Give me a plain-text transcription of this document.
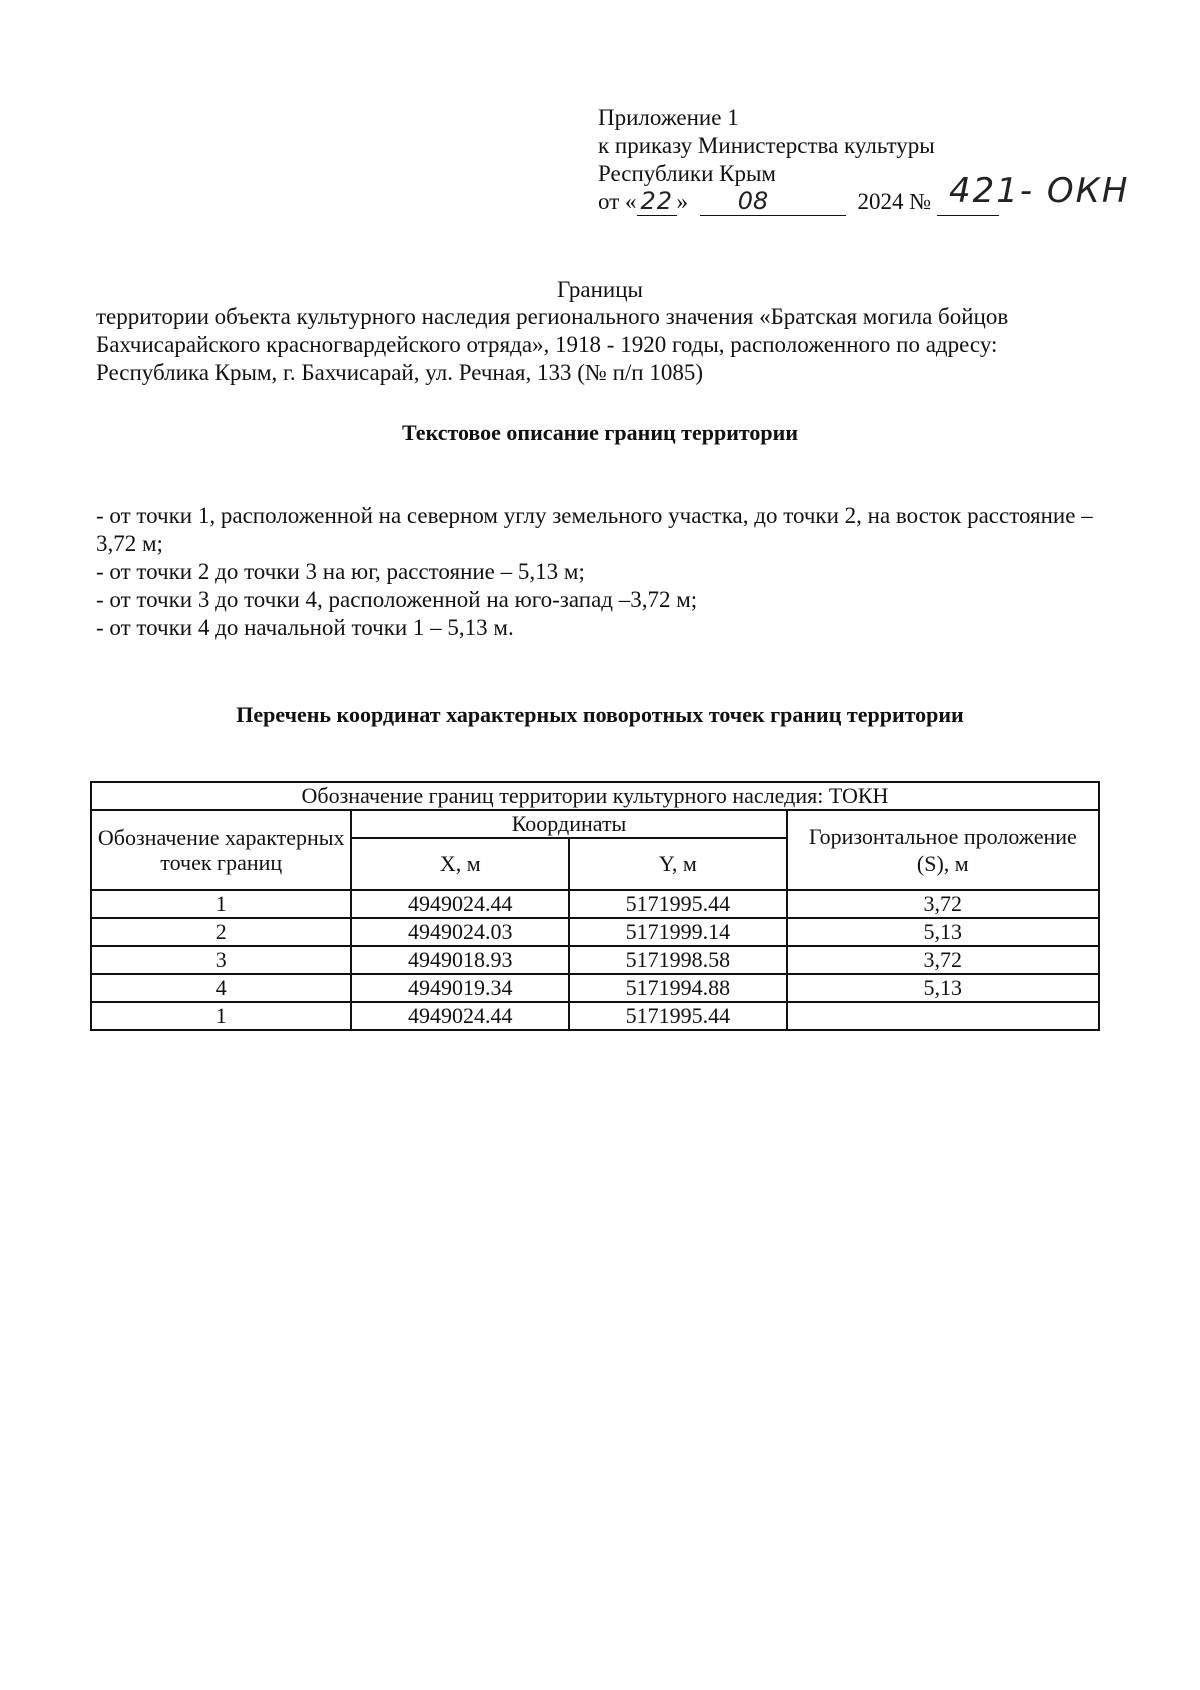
Приложение 1
к приказу Министерства культуры
Республики Крым
от « 22 » 08	2024 № 421- ОКН
Границы
территории объекта культурного наследия регионального значения «Братская могила бойцов Бахчисарайского красногвардейского отряда», 1918 - 1920 годы, расположенного по адресу: Республика Крым, г. Бахчисарай, ул. Речная, 133 (№ п/п 1085)
Текстовое описание границ территории
- от точки 1, расположенной на северном углу земельного участка, до точки 2, на восток расстояние – 3,72 м;
- от точки 2 до точки 3 на юг, расстояние – 5,13 м;
- от точки 3 до точки 4, расположенной на юго-запад –3,72 м;
- от точки 4 до начальной точки 1 – 5,13 м.
Перечень координат характерных поворотных точек границ территории
Обозначение границ территории культурного наследия: ТОКН			
Обозначение характерных точек границ	Координаты		Горизонтальное проложение (S), м
	X, м	Y, м	
1	4949024.44	5171995.44	3,72
2	4949024.03	5171999.14	5,13
3	4949018.93	5171998.58	3,72
4	4949019.34	5171994.88	5,13
1	4949024.44	5171995.44	
